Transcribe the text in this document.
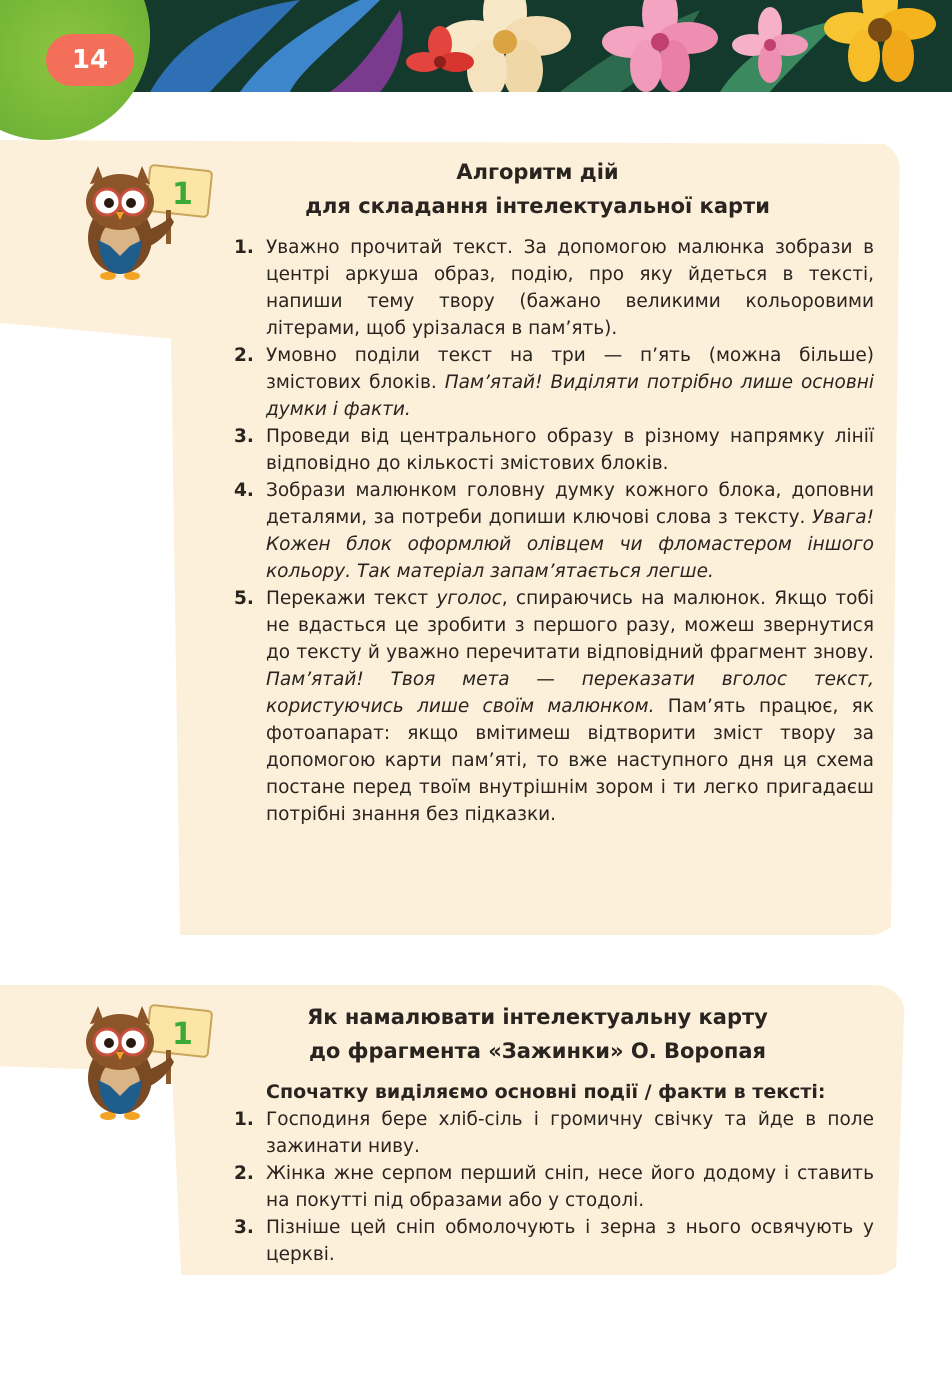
14
1
Алгоритм дій
для складання інтелектуальної карти
1. Уважно прочитай текст. За допомогою малюнка зобрази в центрі аркуша образ, подію, про яку йдеться в тексті, напиши тему твору (бажано великими кольоровими літерами, щоб урізалася в пам’ять).
2. Умовно поділи текст на три — п’ять (можна більше) змістових блоків. Пам’ятай! Виділяти потрібно лише основні думки і факти.
3. Проведи від центрального образу в різному напрямку лінії відповідно до кількості змістових блоків.
4. Зобрази малюнком головну думку кожного блока, доповни деталями, за потреби допиши ключові слова з тексту. Увага! Кожен блок оформлюй олівцем чи фломастером іншого кольору. Так матеріал запам’ятається легше.
5. Перекажи текст уголос, спираючись на малюнок. Якщо тобі не вдасться це зробити з першого разу, можеш звернутися до тексту й уважно перечитати відповідний фрагмент знову. Пам’ятай! Твоя мета — переказати вголос текст, користуючись лише своїм малюнком. Пам’ять працює, як фотоапарат: якщо вмітимеш відтворити зміст твору за допомогою карти пам’яті, то вже наступного дня ця схема постане перед твоїм внутрішнім зором і ти легко пригадаєш потрібні знання без підказки.
1	Як намалювати інтелектуальну карту
до фрагмента «Зажинки» О. Воропая

Спочатку виділяємо основні події / факти в тексті:

1. Господиня бере хліб-сіль і громичну свічку та йде в поле зажинати ниву.
2. Жінка жне серпом перший сніп, несе його додому і ставить на покутті під образами або у стодолі.
3. Пізніше цей сніп обмолочують і зерна з нього освячують у церкві.
